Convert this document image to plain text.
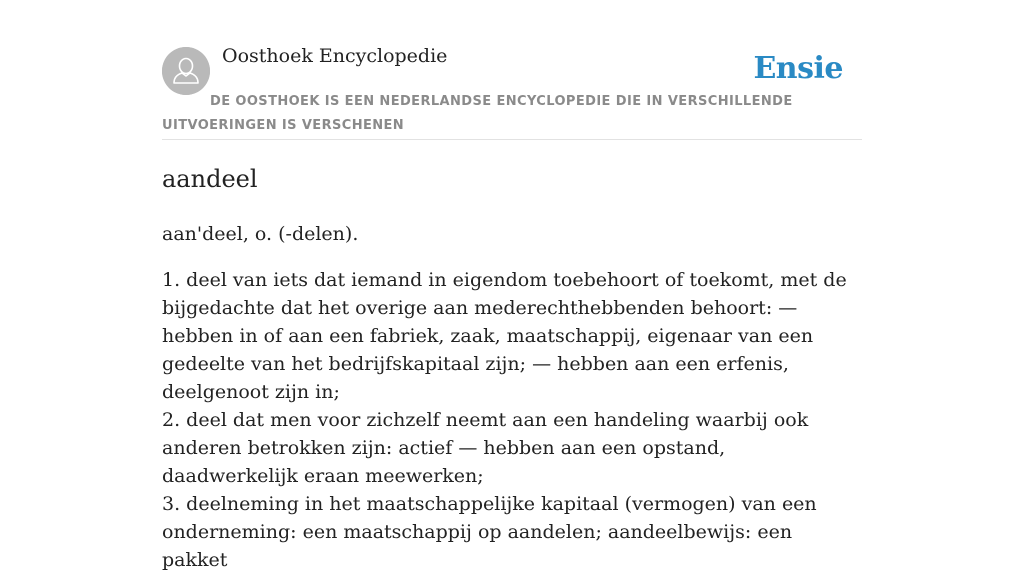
Oosthoek Encyclopedie	Ensie
DE OOSTHOEK IS EEN NEDERLANDSE ENCYCLOPEDIE DIE IN VERSCHILLENDE UITVOERINGEN IS VERSCHENEN
aandeel

aan'deel, o. (-delen).

1. deel van iets dat iemand in eigendom toebehoort of toekomt, met de bijgedachte dat het overige aan mederechthebbenden behoort: — hebben in of aan een fabriek, zaak, maatschappij, eigenaar van een gedeelte van het bedrijfskapitaal zijn; — hebben aan een erfenis, deelgenoot zijn in;
2. deel dat men voor zichzelf neemt aan een handeling waarbij ook anderen betrokken zijn: actief — hebben aan een opstand, daadwerkelijk eraan meewerken;
3. deelneming in het maatschappelijke kapitaal (vermogen) van een onderneming: een maatschappij op aandelen; aandeelbewijs: een pakket
